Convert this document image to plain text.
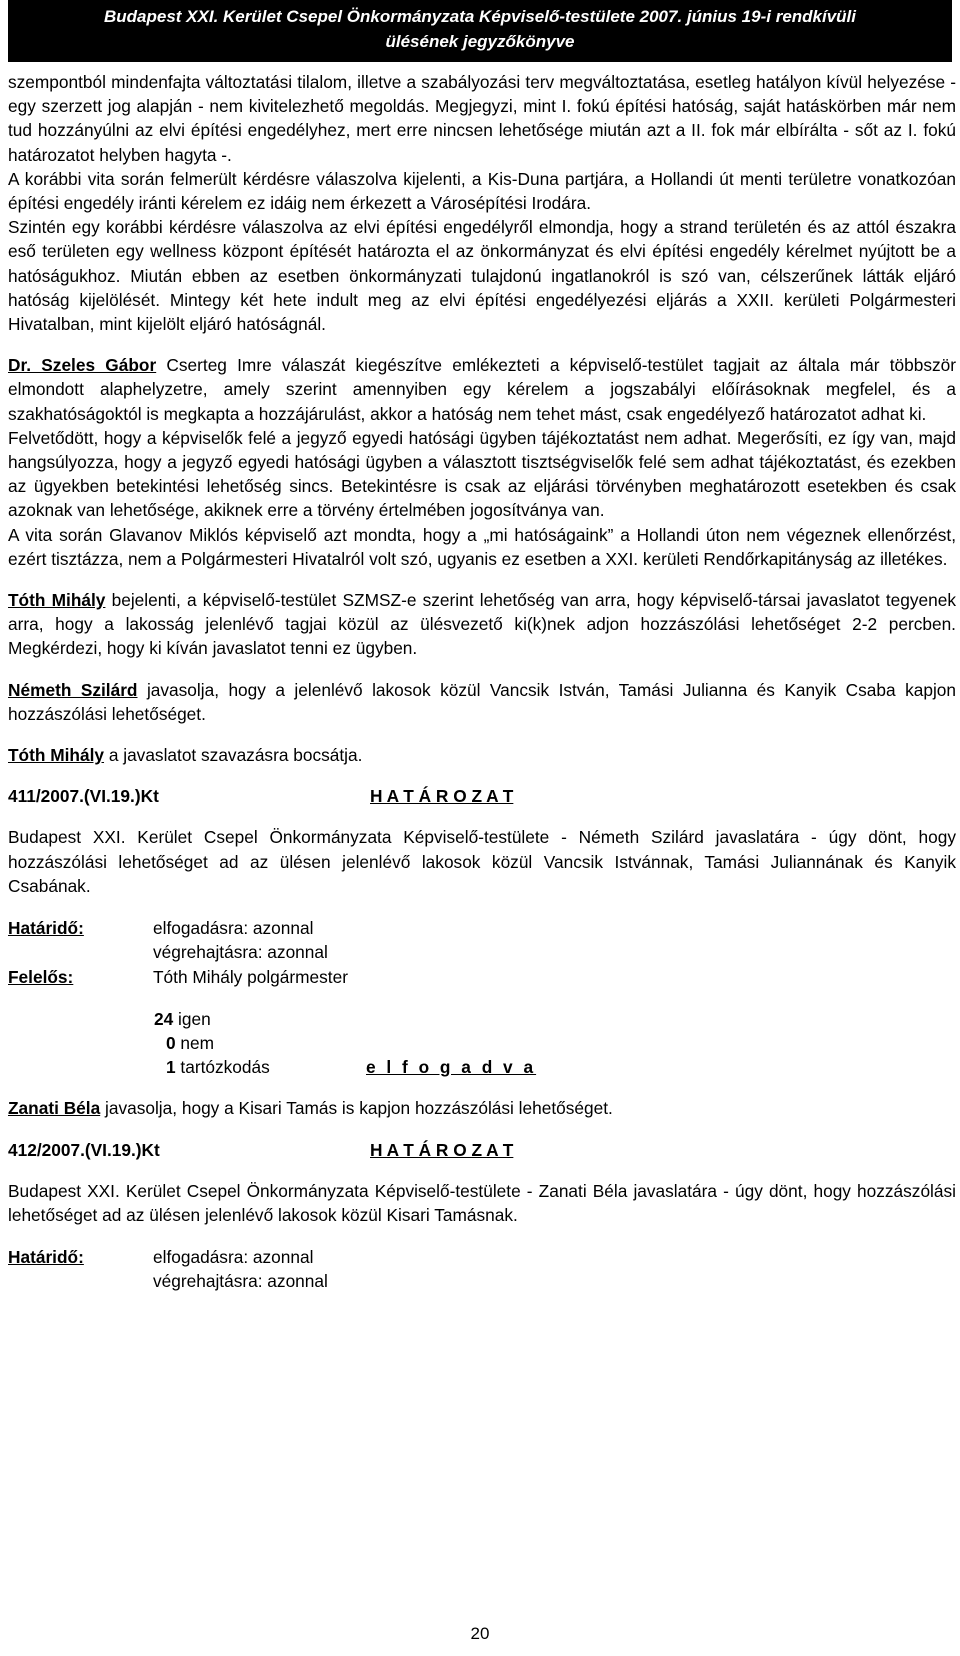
Budapest XXI. Kerület Csepel Önkormányzata Képviselő-testülete 2007. június 19-i rendkívüli
ülésének jegyzőkönyve

szempontból mindenfajta változtatási tilalom, illetve a szabályozási terv megváltoztatása, esetleg hatályon kívül helyezése - egy szerzett jog alapján - nem kivitelezhető megoldás. Megjegyzi, mint I. fokú építési hatóság, saját hatáskörben már nem tud hozzányúlni az elvi építési engedélyhez, mert erre nincsen lehetősége miután azt a II. fok már elbírálta - sőt az I. fokú határozatot helyben hagyta -.

A korábbi vita során felmerült kérdésre válaszolva kijelenti, a Kis-Duna partjára, a Hollandi út menti területre vonatkozóan építési engedély iránti kérelem ez idáig nem érkezett a Városépítési Irodára.

Szintén egy korábbi kérdésre válaszolva az elvi építési engedélyről elmondja, hogy a strand területén és az attól északra eső területen egy wellness központ építését határozta el az önkormányzat és elvi építési engedély kérelmet nyújtott be a hatóságukhoz. Miután ebben az esetben önkormányzati tulajdonú ingatlanokról is szó van, célszerűnek látták eljáró hatóság kijelölését. Mintegy két hete indult meg az elvi építési engedélyezési eljárás a XXII. kerületi Polgármesteri Hivatalban, mint kijelölt eljáró hatóságnál.

Dr. Szeles Gábor Cserteg Imre válaszát kiegészítve emlékezteti a képviselő-testület tagjait az általa már többször elmondott alaphelyzetre, amely szerint amennyiben egy kérelem a jogszabályi előírásoknak megfelel, és a szakhatóságoktól is megkapta a hozzájárulást, akkor a hatóság nem tehet mást, csak engedélyező határozatot adhat ki.

Felvetődött, hogy a képviselők felé a jegyző egyedi hatósági ügyben tájékoztatást nem adhat. Megerősíti, ez így van, majd hangsúlyozza, hogy a jegyző egyedi hatósági ügyben a választott tisztségviselők felé sem adhat tájékoztatást, és ezekben az ügyekben betekintési lehetőség sincs. Betekintésre is csak az eljárási törvényben meghatározott esetekben és csak azoknak van lehetősége, akiknek erre a törvény értelmében jogosítványa van.

A vita során Glavanov Miklós képviselő azt mondta, hogy a „mi hatóságaink” a Hollandi úton nem végeznek ellenőrzést, ezért tisztázza, nem a Polgármesteri Hivatalról volt szó, ugyanis ez esetben a XXI. kerületi Rendőrkapitányság az illetékes.

Tóth Mihály bejelenti, a képviselő-testület SZMSZ-e szerint lehetőség van arra, hogy képviselő-társai javaslatot tegyenek arra, hogy a lakosság jelenlévő tagjai közül az ülésvezető ki(k)nek adjon hozzászólási lehetőséget 2-2 percben. Megkérdezi, hogy ki kíván javaslatot tenni ez ügyben.

Németh Szilárd javasolja, hogy a jelenlévő lakosok közül Vancsik István, Tamási Julianna és Kanyik Csaba kapjon hozzászólási lehetőséget.

Tóth Mihály a javaslatot szavazásra bocsátja.

411/2007.(VI.19.)Kt	H A T Á R O Z A T

Budapest XXI. Kerület Csepel Önkormányzata Képviselő-testülete - Németh Szilárd javaslatára - úgy dönt, hogy hozzászólási lehetőséget ad az ülésen jelenlévő lakosok közül Vancsik Istvánnak, Tamási Juliannának és Kanyik Csabának.

Határidő:	elfogadásra: azonnal
végrehajtásra: azonnal
Felelős:	Tóth Mihály polgármester
24 igen
0 nem
1 tartózkodás	e l f o g a d v a

Zanati Béla javasolja, hogy a Kisari Tamás is kapjon hozzászólási lehetőséget.

412/2007.(VI.19.)Kt	H A T Á R O Z A T

Budapest XXI. Kerület Csepel Önkormányzata Képviselő-testülete - Zanati Béla javaslatára - úgy dönt, hogy hozzászólási lehetőséget ad az ülésen jelenlévő lakosok közül Kisari Tamásnak.

Határidő:	elfogadásra: azonnal
végrehajtásra: azonnal
20
